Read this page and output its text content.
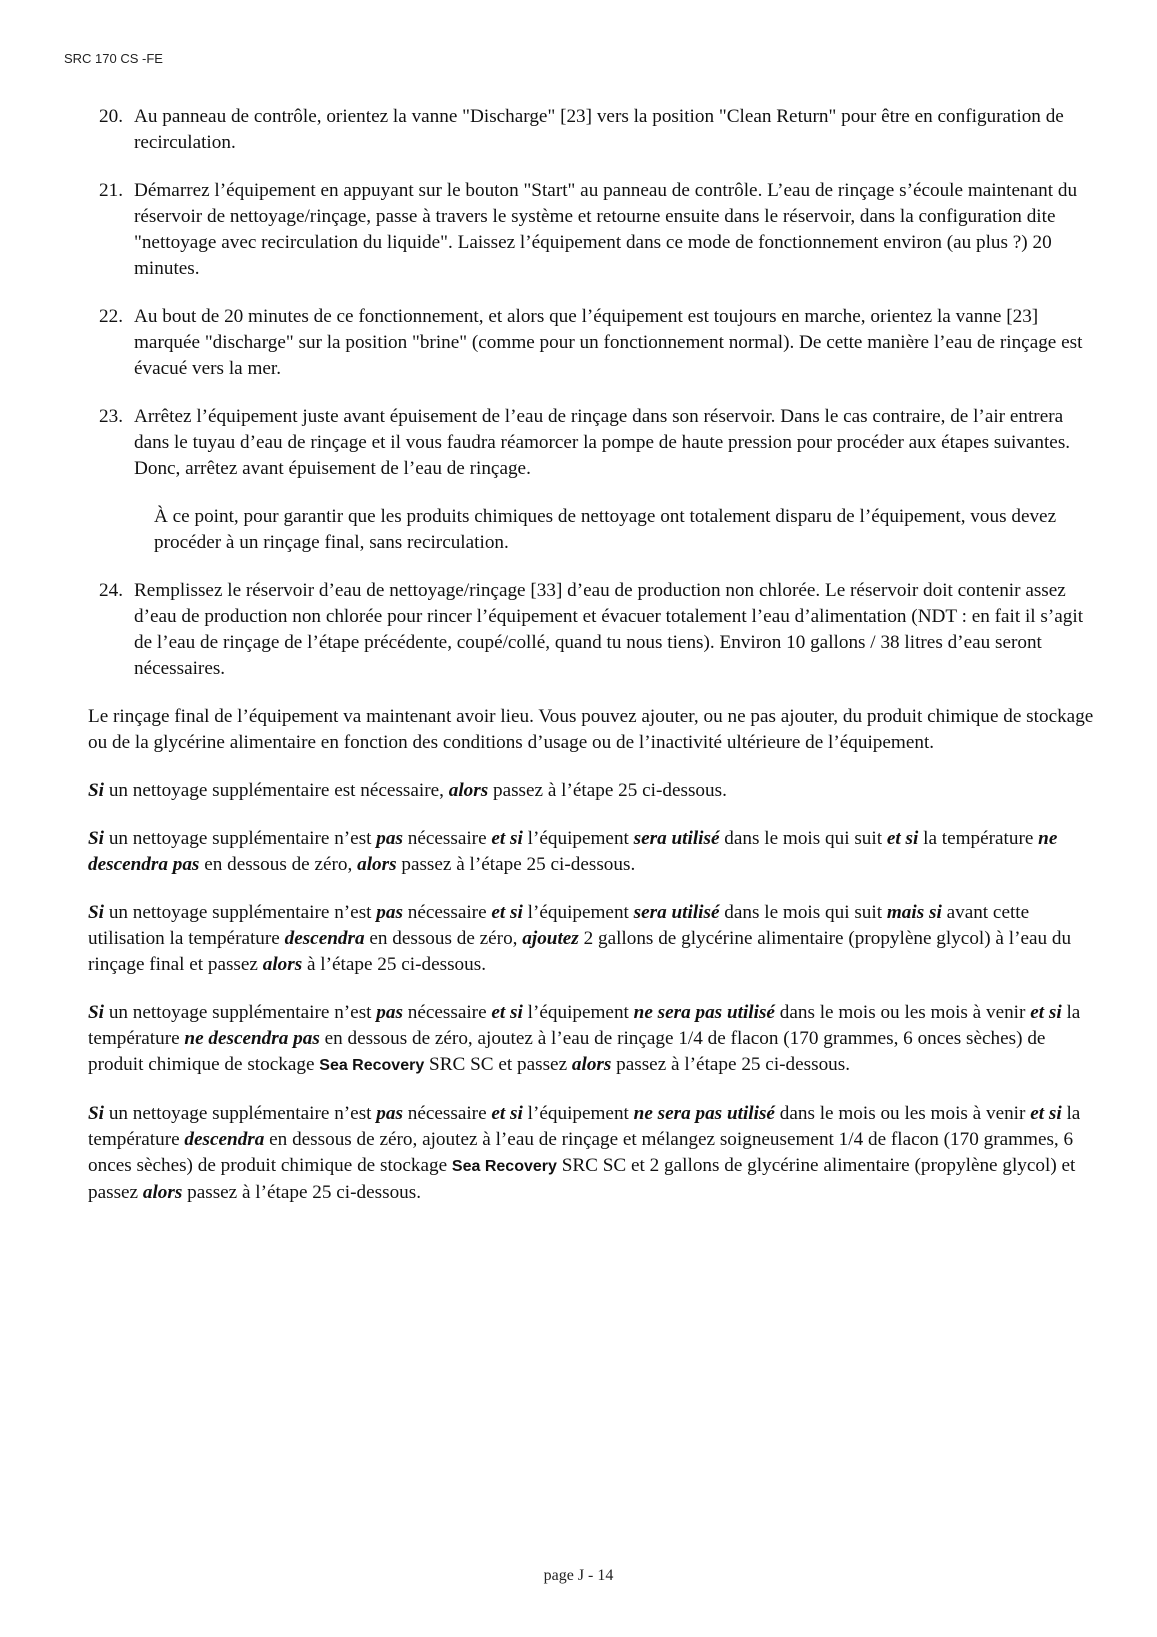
SRC 170 CS -FE
20. Au panneau de contrôle, orientez la vanne "Discharge" [23] vers la position "Clean Return" pour être en configuration de recirculation.
21. Démarrez l’équipement en appuyant sur le bouton "Start" au panneau de contrôle. L’eau de rinçage s’écoule maintenant du réservoir de nettoyage/rinçage, passe à travers le système et retourne ensuite dans le réservoir, dans la configuration dite "nettoyage avec recirculation du liquide". Laissez l’équipement dans ce mode de fonctionnement environ (au plus ?) 20 minutes.
22. Au bout de 20 minutes de ce fonctionnement, et alors que l’équipement est toujours en marche, orientez la vanne [23] marquée "discharge" sur la position "brine" (comme pour un fonctionnement normal). De cette manière l’eau de rinçage est évacué vers la mer.
23. Arrêtez l’équipement juste avant épuisement de l’eau de rinçage dans son réservoir. Dans le cas contraire, de l’air entrera dans le tuyau d’eau de rinçage et il vous faudra réamorcer la pompe de haute pression pour procéder aux étapes suivantes. Donc, arrêtez avant épuisement de l’eau de rinçage.
À ce point, pour garantir que les produits chimiques de nettoyage ont totalement disparu de l’équipement, vous devez procéder à un rinçage final, sans recirculation.
24. Remplissez le réservoir d’eau de nettoyage/rinçage [33] d’eau de production non chlorée. Le réservoir doit contenir assez d’eau de production non chlorée pour rincer l’équipement et évacuer totalement l’eau d’alimentation (NDT : en fait il s’agit de l’eau de rinçage de l’étape précédente, coupé/collé, quand tu nous tiens). Environ 10 gallons / 38 litres d’eau seront nécessaires.
Le rinçage final de l’équipement va maintenant avoir lieu. Vous pouvez ajouter, ou ne pas ajouter, du produit chimique de stockage ou de la glycérine alimentaire en fonction des conditions d’usage ou de l’inactivité ultérieure de l’équipement.
Si un nettoyage supplémentaire est nécessaire, alors passez à l’étape 25 ci-dessous.
Si un nettoyage supplémentaire n’est pas nécessaire et si l’équipement sera utilisé dans le mois qui suit et si la température ne descendra pas en dessous de zéro, alors passez à l’étape 25 ci-dessous.
Si un nettoyage supplémentaire n’est pas nécessaire et si l’équipement sera utilisé dans le mois qui suit mais si avant cette utilisation la température descendra en dessous de zéro, ajoutez 2 gallons de glycérine alimentaire (propylène glycol) à l’eau du rinçage final et passez alors à l’étape 25 ci-dessous.
Si un nettoyage supplémentaire n’est pas nécessaire et si l’équipement ne sera pas utilisé dans le mois ou les mois à venir et si la température ne descendra pas en dessous de zéro, ajoutez à l’eau de rinçage 1/4 de flacon (170 grammes, 6 onces sèches) de produit chimique de stockage Sea Recovery SRC SC et passez alors passez à l’étape 25 ci-dessous.
Si un nettoyage supplémentaire n’est pas nécessaire et si l’équipement ne sera pas utilisé dans le mois ou les mois à venir et si la température descendra en dessous de zéro, ajoutez à l’eau de rinçage et mélangez soigneusement 1/4 de flacon (170 grammes, 6 onces sèches) de produit chimique de stockage Sea Recovery SRC SC et 2 gallons de glycérine alimentaire (propylène glycol) et passez alors passez à l’étape 25 ci-dessous.
page J - 14
